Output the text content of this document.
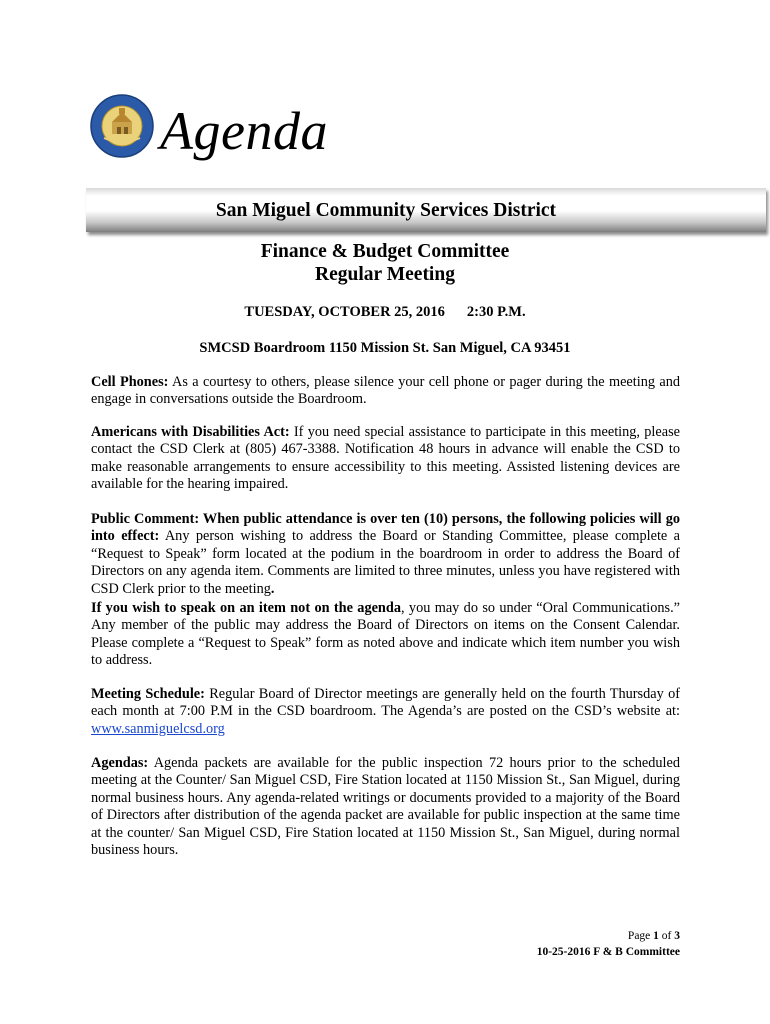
Agenda
San Miguel Community Services District
Finance & Budget Committee
Regular Meeting
TUESDAY, OCTOBER 25, 2016 2:30 P.M.
SMCSD Boardroom 1150 Mission St. San Miguel, CA 93451
Cell Phones: As a courtesy to others, please silence your cell phone or pager during the meeting and engage in conversations outside the Boardroom.
Americans with Disabilities Act: If you need special assistance to participate in this meeting, please contact the CSD Clerk at (805) 467-3388. Notification 48 hours in advance will enable the CSD to make reasonable arrangements to ensure accessibility to this meeting. Assisted listening devices are available for the hearing impaired.
Public Comment: When public attendance is over ten (10) persons, the following policies will go into effect: Any person wishing to address the Board or Standing Committee, please complete a “Request to Speak” form located at the podium in the boardroom in order to address the Board of Directors on any agenda item. Comments are limited to three minutes, unless you have registered with CSD Clerk prior to the meeting.
If you wish to speak on an item not on the agenda, you may do so under “Oral Communications.” Any member of the public may address the Board of Directors on items on the Consent Calendar. Please complete a “Request to Speak” form as noted above and indicate which item number you wish to address.
Meeting Schedule: Regular Board of Director meetings are generally held on the fourth Thursday of each month at 7:00 P.M in the CSD boardroom. The Agenda’s are posted on the CSD’s website at: www.sanmiguelcsd.org
Agendas: Agenda packets are available for the public inspection 72 hours prior to the scheduled meeting at the Counter/ San Miguel CSD, Fire Station located at 1150 Mission St., San Miguel, during normal business hours. Any agenda-related writings or documents provided to a majority of the Board of Directors after distribution of the agenda packet are available for public inspection at the same time at the counter/ San Miguel CSD, Fire Station located at 1150 Mission St., San Miguel, during normal business hours.
Page 1 of 3
10-25-2016 F & B Committee
